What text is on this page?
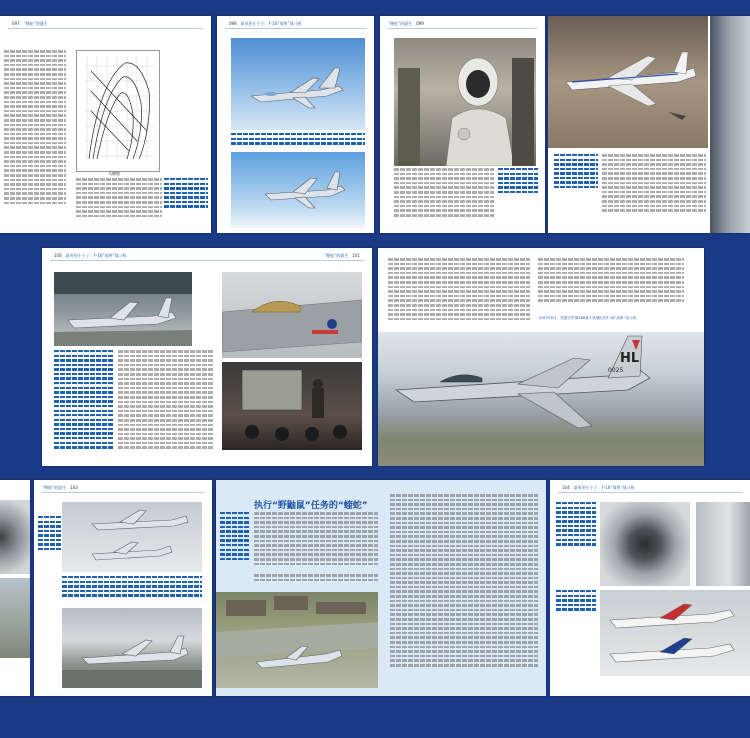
097 “蝰蛇”的诞生
马赫数
098 最贵的小个子：F-16“战隼”战斗机	“蝰蛇”的诞生 099
100 最贵的小个子：F-16“战隼”战斗机	“蝰蛇”的诞生 101
HL
0025
1997年6月，美国空军第388战斗机联队的F-16“战隼”战斗机
“蝰蛇”的诞生 103
执行“野鼬鼠”任务的“蝰蛇”
104 最贵的小个子：F-16“战隼”战斗机
